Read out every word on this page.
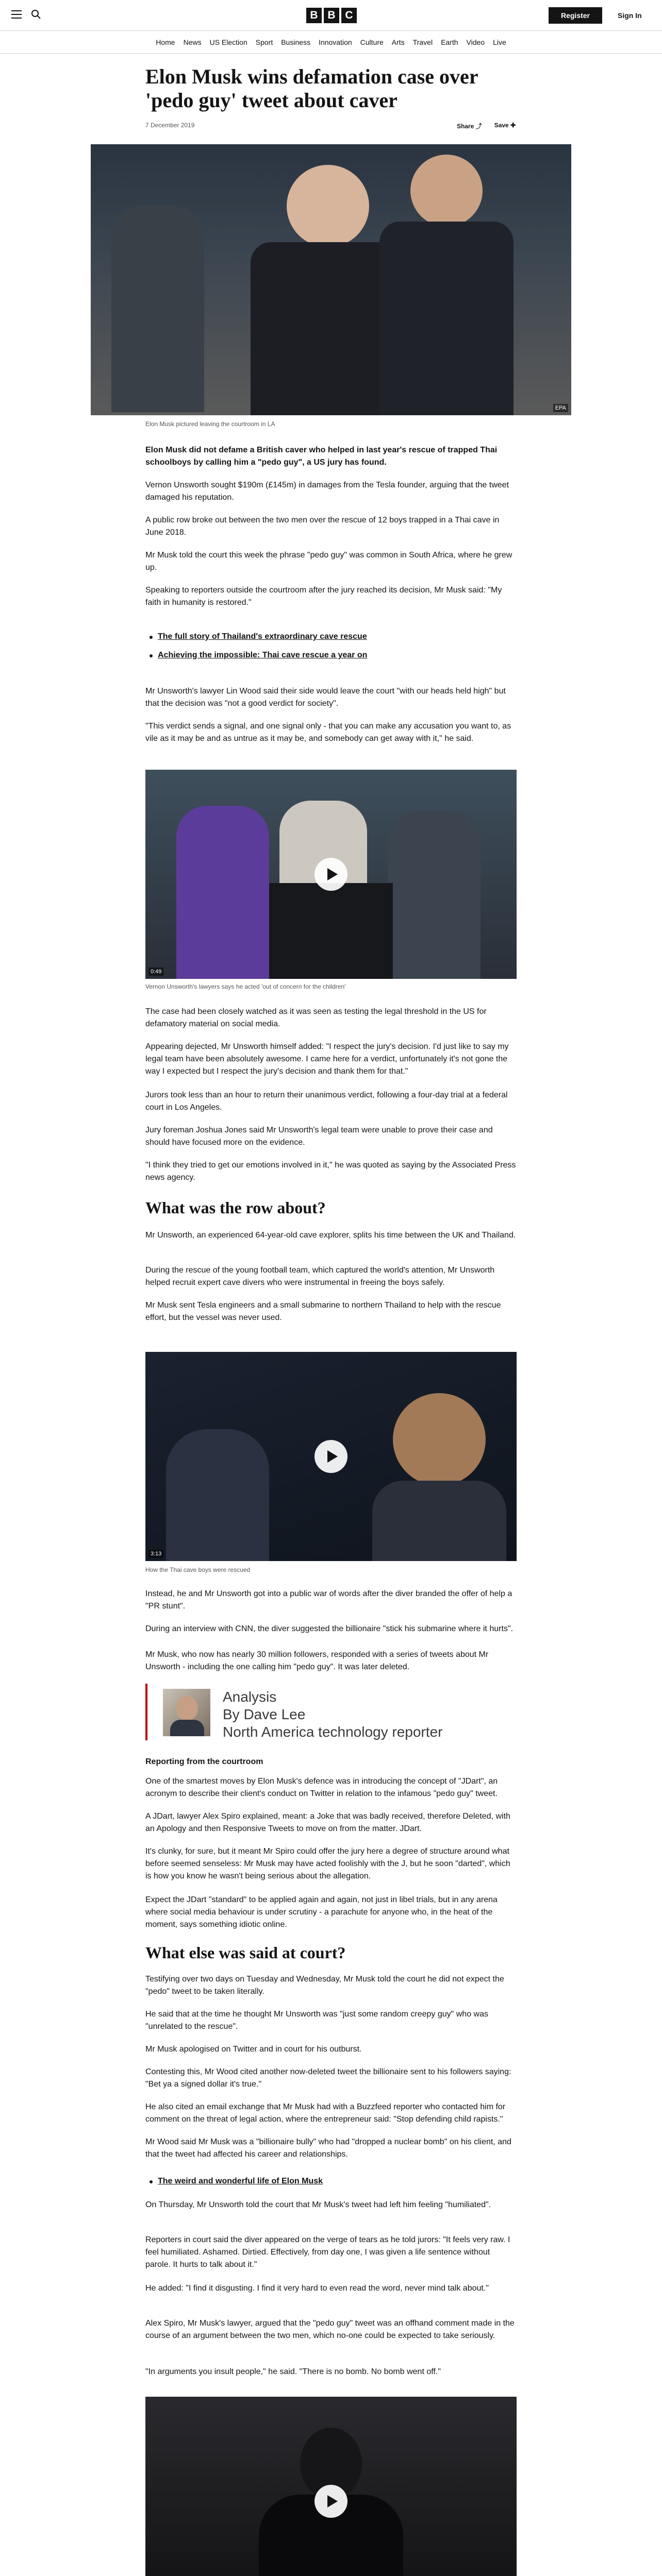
B B C	Register	Sign In
Home News US Election Sport Business Innovation Culture Arts Travel Earth Video Live
Elon Musk wins defamation case over 'pedo guy' tweet about caver
7 December 2019	Share ⤴ Save ✚
EPA
Elon Musk pictured leaving the courtroom in LA
Elon Musk did not defame a British caver who helped in last year's rescue of trapped Thai schoolboys by calling him a "pedo guy", a US jury has found.
Vernon Unsworth sought $190m (£145m) in damages from the Tesla founder, arguing that the tweet damaged his reputation.
A public row broke out between the two men over the rescue of 12 boys trapped in a Thai cave in June 2018.
Mr Musk told the court this week the phrase "pedo guy" was common in South Africa, where he grew up.
Speaking to reporters outside the courtroom after the jury reached its decision, Mr Musk said: "My faith in humanity is restored."
The full story of Thailand's extraordinary cave rescue
Achieving the impossible: Thai cave rescue a year on
Mr Unsworth's lawyer Lin Wood said their side would leave the court "with our heads held high" but that the decision was "not a good verdict for society".
"This verdict sends a signal, and one signal only - that you can make any accusation you want to, as vile as it may be and as untrue as it may be, and somebody can get away with it," he said.
0:49
Vernon Unsworth's lawyers says he acted 'out of concern for the children'
The case had been closely watched as it was seen as testing the legal threshold in the US for defamatory material on social media.
Appearing dejected, Mr Unsworth himself added: "I respect the jury's decision. I'd just like to say my legal team have been absolutely awesome. I came here for a verdict, unfortunately it's not gone the way I expected but I respect the jury's decision and thank them for that."
Jurors took less than an hour to return their unanimous verdict, following a four-day trial at a federal court in Los Angeles.
Jury foreman Joshua Jones said Mr Unsworth's legal team were unable to prove their case and should have focused more on the evidence.
"I think they tried to get our emotions involved in it," he was quoted as saying by the Associated Press news agency.
What was the row about?
Mr Unsworth, an experienced 64-year-old cave explorer, splits his time between the UK and Thailand.
During the rescue of the young football team, which captured the world's attention, Mr Unsworth helped recruit expert cave divers who were instrumental in freeing the boys safely.
Mr Musk sent Tesla engineers and a small submarine to northern Thailand to help with the rescue effort, but the vessel was never used.
3:13
How the Thai cave boys were rescued
Instead, he and Mr Unsworth got into a public war of words after the diver branded the offer of help a "PR stunt".
During an interview with CNN, the diver suggested the billionaire "stick his submarine where it hurts".
Mr Musk, who now has nearly 30 million followers, responded with a series of tweets about Mr Unsworth - including the one calling him "pedo guy". It was later deleted.
Analysis
By Dave Lee
North America technology reporter
Reporting from the courtroom
One of the smartest moves by Elon Musk's defence was in introducing the concept of "JDart", an acronym to describe their client's conduct on Twitter in relation to the infamous "pedo guy" tweet.
A JDart, lawyer Alex Spiro explained, meant: a Joke that was badly received, therefore Deleted, with an Apology and then Responsive Tweets to move on from the matter. JDart.
It's clunky, for sure, but it meant Mr Spiro could offer the jury here a degree of structure around what before seemed senseless: Mr Musk may have acted foolishly with the J, but he soon "darted", which is how you know he wasn't being serious about the allegation.
Expect the JDart "standard" to be applied again and again, not just in libel trials, but in any arena where social media behaviour is under scrutiny - a parachute for anyone who, in the heat of the moment, says something idiotic online.
What else was said at court?
Testifying over two days on Tuesday and Wednesday, Mr Musk told the court he did not expect the "pedo" tweet to be taken literally.
He said that at the time he thought Mr Unsworth was "just some random creepy guy" who was "unrelated to the rescue".
Mr Musk apologised on Twitter and in court for his outburst.
Contesting this, Mr Wood cited another now-deleted tweet the billionaire sent to his followers saying: "Bet ya a signed dollar it's true."
He also cited an email exchange that Mr Musk had with a Buzzfeed reporter who contacted him for comment on the threat of legal action, where the entrepreneur said: "Stop defending child rapists."
Mr Wood said Mr Musk was a "billionaire bully" who had "dropped a nuclear bomb" on his client, and that the tweet had affected his career and relationships.
The weird and wonderful life of Elon Musk
On Thursday, Mr Unsworth told the court that Mr Musk's tweet had left him feeling "humiliated".
Reporters in court said the diver appeared on the verge of tears as he told jurors: "It feels very raw. I feel humiliated. Ashamed. Dirtied. Effectively, from day one, I was given a life sentence without parole. It hurts to talk about it."
He added: "I find it disgusting. I find it very hard to even read the word, never mind talk about."
Alex Spiro, Mr Musk's lawyer, argued that the "pedo guy" tweet was an offhand comment made in the course of an argument between the two men, which no-one could be expected to take seriously.
"In arguments you insult people," he said. "There is no bomb. No bomb went off."
